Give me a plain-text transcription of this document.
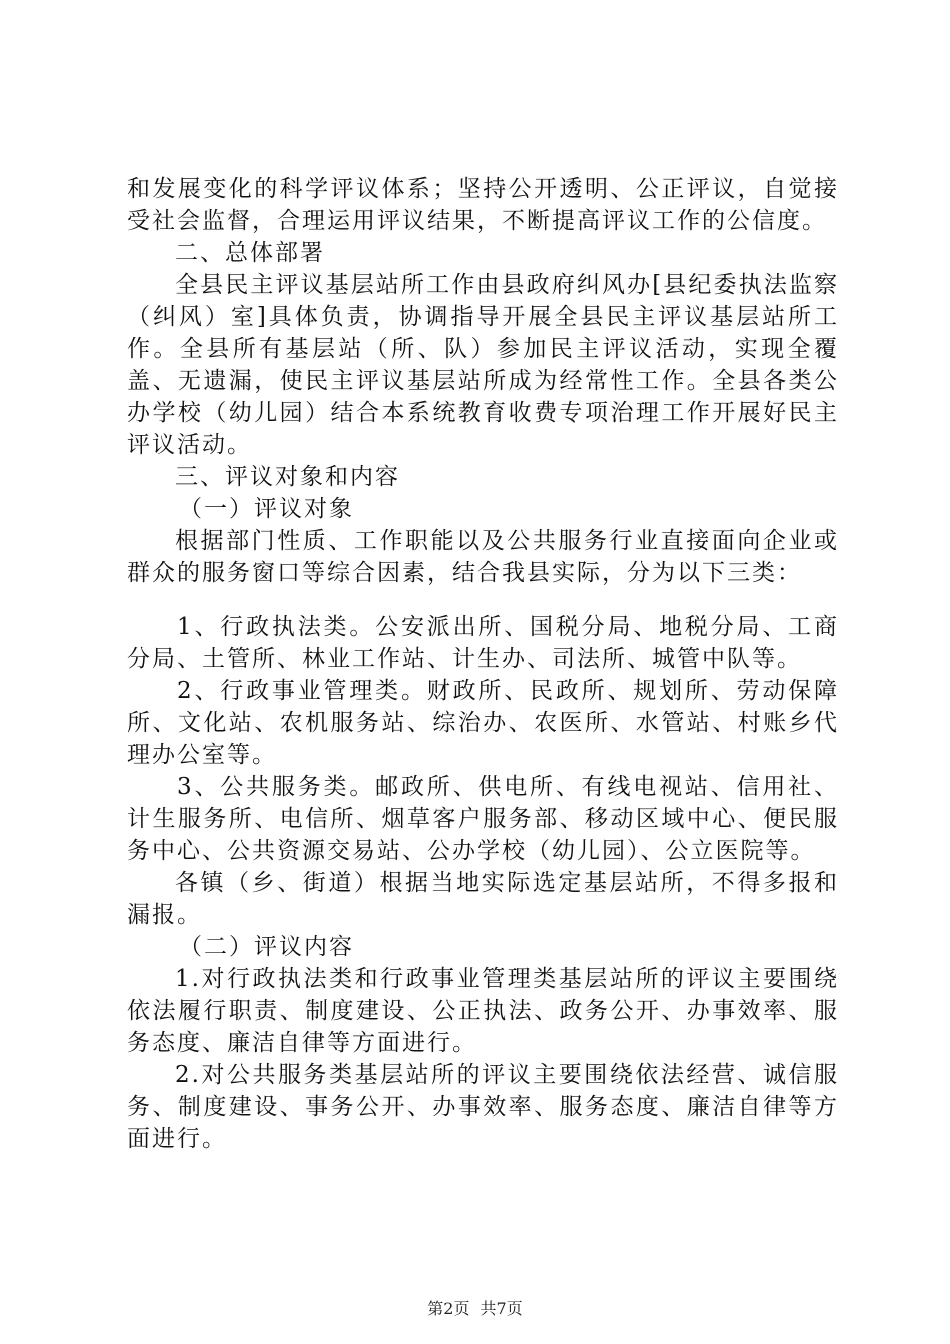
和发展变化的科学评议体系；坚持公开透明、公正评议，自觉接受社会监督，合理运用评议结果，不断提高评议工作的公信度。

二、总体部署

全县民主评议基层站所工作由县政府纠风办[县纪委执法监察（纠风）室]具体负责，协调指导开展全县民主评议基层站所工作。全县所有基层站（所、队）参加民主评议活动，实现全覆盖、无遗漏，使民主评议基层站所成为经常性工作。全县各类公办学校（幼儿园）结合本系统教育收费专项治理工作开展好民主评议活动。

三、评议对象和内容

（一）评议对象

根据部门性质、工作职能以及公共服务行业直接面向企业或群众的服务窗口等综合因素，结合我县实际，分为以下三类：

1、行政执法类。公安派出所、国税分局、地税分局、工商分局、土管所、林业工作站、计生办、司法所、城管中队等。

2、行政事业管理类。财政所、民政所、规划所、劳动保障所、文化站、农机服务站、综治办、农医所、水管站、村账乡代理办公室等。

3、公共服务类。邮政所、供电所、有线电视站、信用社、计生服务所、电信所、烟草客户服务部、移动区域中心、便民服务中心、公共资源交易站、公办学校（幼儿园）、公立医院等。

各镇（乡、街道）根据当地实际选定基层站所，不得多报和漏报。

（二）评议内容

1.对行政执法类和行政事业管理类基层站所的评议主要围绕依法履行职责、制度建设、公正执法、政务公开、办事效率、服务态度、廉洁自律等方面进行。

2.对公共服务类基层站所的评议主要围绕依法经营、诚信服务、制度建设、事务公开、办事效率、服务态度、廉洁自律等方面进行。

第2页 共7页
